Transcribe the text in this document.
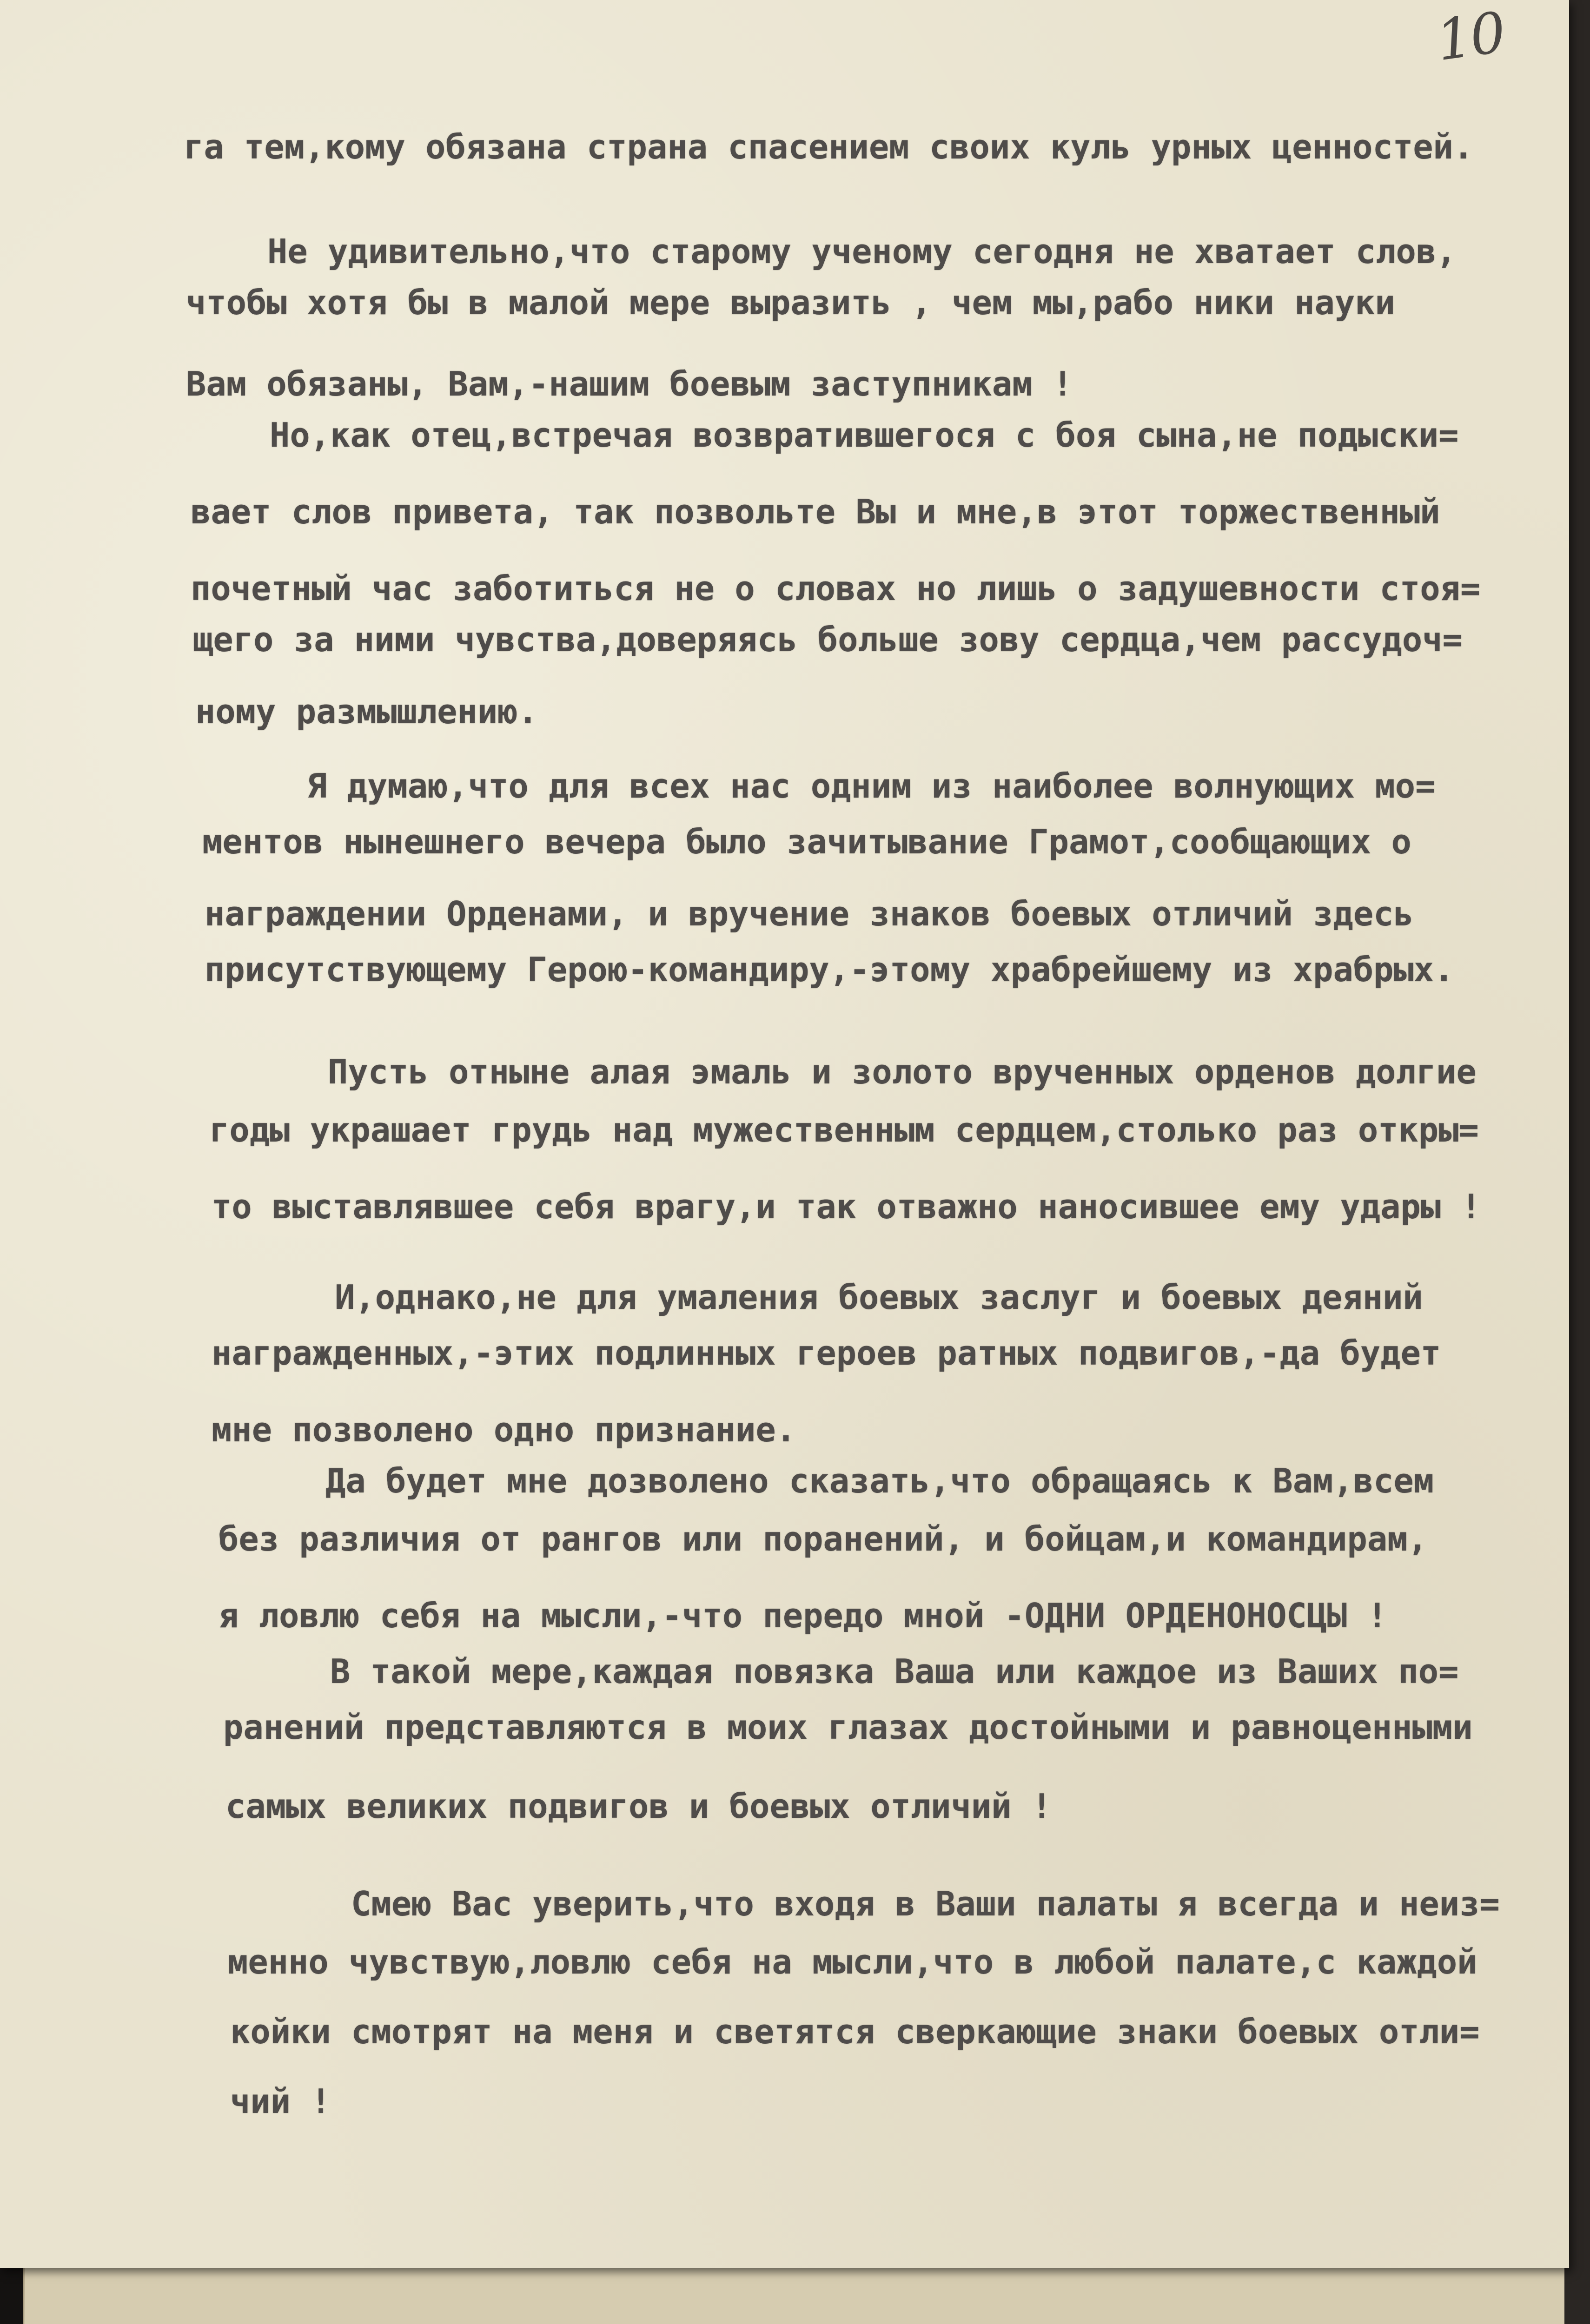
10
га тем,кому обязана страна спасением своих куль урных ценностей.
Не удивительно,что старому ученому сегодня не хватает слов,
чтобы хотя бы в малой мере выразить , чем мы,рабо ники науки
Вам обязаны, Вам,-нашим боевым заступникам !
Но,как отец,встречая возвратившегося с боя сына,не подыски=
вает слов привета, так позвольте Вы и мне,в этот торжественный
почетный час заботиться не о словах но лишь о задушевности стоя=
щего за ними чувства,доверяясь больше зову сердца,чем рассудоч=
ному размышлению.
Я думаю,что для всех нас одним из наиболее волнующих мо=
ментов нынешнего вечера было зачитывание Грамот,сообщающих о
награждении Орденами, и вручение знаков боевых отличий здесь
присутствующему Герою-командиру,-этому храбрейшему из храбрых.
Пусть отныне алая эмаль и золото врученных орденов долгие
годы украшает грудь над мужественным сердцем,столько раз откры=
то выставлявшее себя врагу,и так отважно наносившее ему удары !
И,однако,не для умаления боевых заслуг и боевых деяний
награжденных,-этих подлинных героев ратных подвигов,-да будет
мне позволено одно признание.
Да будет мне дозволено сказать,что обращаясь к Вам,всем
без различия от рангов или поранений, и бойцам,и командирам,
я ловлю себя на мысли,-что передо мной -ОДНИ ОРДЕНОНОСЦЫ !
В такой мере,каждая повязка Ваша или каждое из Ваших по=
ранений представляются в моих глазах достойными и равноценными
самых великих подвигов и боевых отличий !
Смею Вас уверить,что входя в Ваши палаты я всегда и неиз=
менно чувствую,ловлю себя на мысли,что в любой палате,с каждой
койки смотрят на меня и светятся сверкающие знаки боевых отли=
чий !
